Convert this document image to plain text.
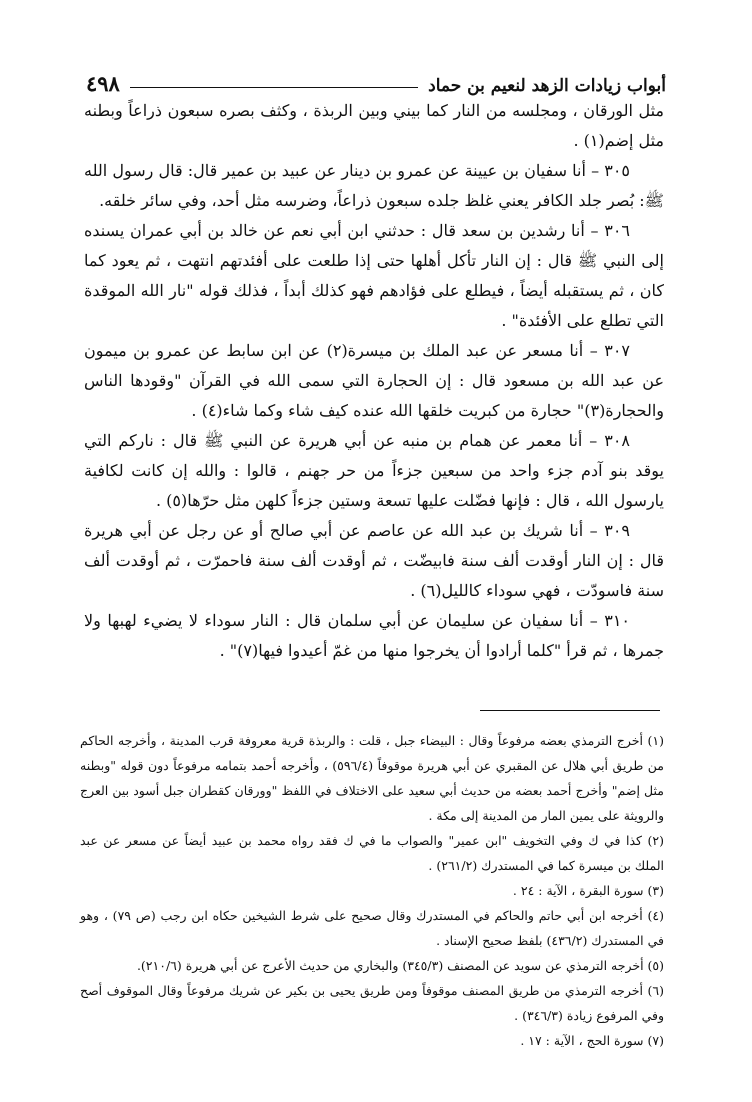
أبواب زيادات الزهد لنعيم بن حماد
٤٩٨

مثل الورقان ، ومجلسه من النار كما بيني وبين الربذة ، وكثف بصره سبعون ذراعاً وبطنه مثل إضم(١) .

٣٠٥ – أنا سفيان بن عيينة عن عمرو بن دينار عن عبيد بن عمير قال: قال رسول الله ﷺ: بُصر جلد الكافر يعني غلظ جلده سبعون ذراعاً، وضرسه مثل أحد، وفي سائر خلقه.

٣٠٦ – أنا رشدين بن سعد قال : حدثني ابن أبي نعم عن خالد بن أبي عمران يسنده إلى النبي ﷺ قال : إن النار تأكل أهلها حتى إذا طلعت على أفئدتهم انتهت ، ثم يعود كما كان ، ثم يستقبله أيضاً ، فيطلع على فؤادهم فهو كذلك أبداً ، فذلك قوله "نار الله الموقدة التي تطلع على الأفئدة" .

٣٠٧ – أنا مسعر عن عبد الملك بن ميسرة(٢) عن ابن سابط عن عمرو بن ميمون عن عبد الله بن مسعود قال : إن الحجارة التي سمى الله في القرآن "وقودها الناس والحجارة(٣)" حجارة من كبريت خلقها الله عنده كيف شاء وكما شاء(٤) .

٣٠٨ – أنا معمر عن همام بن منبه عن أبي هريرة عن النبي ﷺ قال : ناركم التي يوقد بنو آدم جزء واحد من سبعين جزءاً من حر جهنم ، قالوا : والله إن كانت لكافية يارسول الله ، قال : فإنها فضّلت عليها تسعة وستين جزءاً كلهن مثل حرّها(٥) .

٣٠٩ – أنا شريك بن عبد الله عن عاصم عن أبي صالح أو عن رجل عن أبي هريرة قال : إن النار أوقدت ألف سنة فابيضّت ، ثم أوقدت ألف سنة فاحمرّت ، ثم أوقدت ألف سنة فاسودّت ، فهي سوداء كالليل(٦) .

٣١٠ – أنا سفيان عن سليمان عن أبي سلمان قال : النار سوداء لا يضيء لهبها ولا جمرها ، ثم قرأ "كلما أرادوا أن يخرجوا منها من غمّ أعيدوا فيها(٧)" .

(١) أخرج الترمذي بعضه مرفوعاً وقال : البيضاء جبل ، قلت : والربذة قرية معروفة قرب المدينة ، وأخرجه الحاكم من طريق أبي هلال عن المقبري عن أبي هريرة موقوفاً (٥٩٦/٤) ، وأخرجه أحمد بتمامه مرفوعاً دون قوله "وبطنه مثل إضم" وأخرج أحمد بعضه من حديث أبي سعيد على الاختلاف في اللفظ "وورقان كقطران جبل أسود بين العرج والرويثة على يمين المار من المدينة إلى مكة .

(٢) كذا في ك وفي التخويف "ابن عمير" والصواب ما في ك فقد رواه محمد بن عبيد أيضاً عن مسعر عن عبد الملك بن ميسرة كما في المستدرك (٢٦١/٢) .

(٣) سورة البقرة ، الآية : ٢٤ .

(٤) أخرجه ابن أبي حاتم والحاكم في المستدرك وقال صحيح على شرط الشيخين حكاه ابن رجب (ص ٧٩) ، وهو في المستدرك (٤٣٦/٢) بلفظ صحيح الإسناد .

(٥) أخرجه الترمذي عن سويد عن المصنف (٣٤٥/٣) والبخاري من حديث الأعرج عن أبي هريرة (٢١٠/٦).

(٦) أخرجه الترمذي من طريق المصنف موقوفاً ومن طريق يحيى بن بكير عن شريك مرفوعاً وقال الموقوف أصح وفي المرفوع زيادة (٣٤٦/٣) .

(٧) سورة الحج ، الآية : ١٧ .
